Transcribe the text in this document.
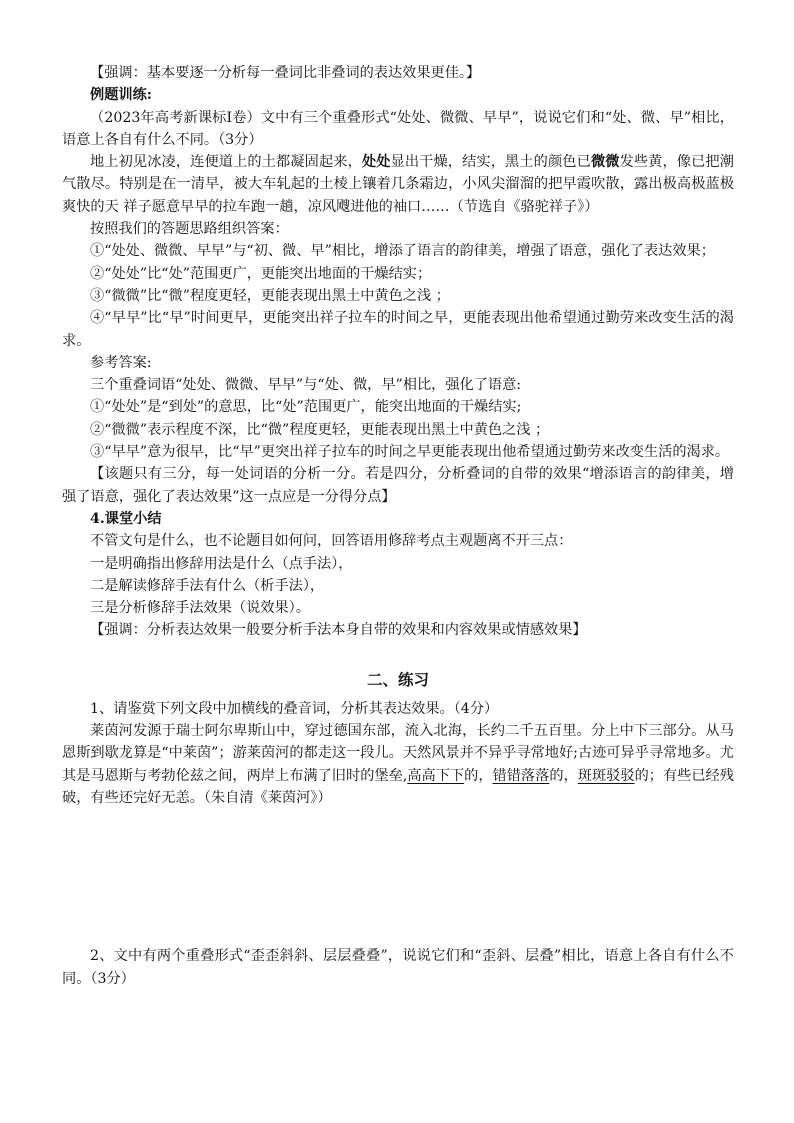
【强调：基本要逐一分析每一叠词比非叠词的表达效果更佳。】

例题训练:

（2023年高考新课标Ⅰ卷）文中有三个重叠形式“处处、微微、早早”，说说它们和“处、微、早”相比，语意上各自有什么不同。（3分）

地上初见冰凌，连便道上的土都凝固起来，处处显出干燥，结实，黑土的颜色已微微发些黄，像已把潮气散尽。特别是在一清早，被大车轧起的土棱上镶着几条霜边，小风尖溜溜的把早霞吹散，露出极高极蓝极爽快的天 祥子愿意早早的拉车跑一趟，凉风飕进他的袖口……（节选自《骆驼祥子》）

按照我们的答题思路组织答案：

①“处处、微微、早早”与“初、微、早”相比，增添了语言的韵律美，增强了语意，强化了表达效果；

②“处处”比“处”范围更广，更能突出地面的干燥结实；

③“微微”比“微”程度更轻，更能表现出黑土中黄色之浅 ；

④“早早”比“早”时间更早，更能突出祥子拉车的时间之早，更能表现出他希望通过勤劳来改变生活的渴求。

参考答案:

三个重叠词语“处处、微微、早早”与“处、微，早”相比，强化了语意:

①“处处”是“到处”的意思，比“处”范围更广，能突出地面的干燥结实;

②“微微”表示程度不深，比“微”程度更轻，更能表现出黑土中黄色之浅 ；

③“早早”意为很早，比“早”更突出祥子拉车的时间之早更能表现出他希望通过勤劳来改变生活的渴求。

【该题只有三分，每一处词语的分析一分。若是四分，分析叠词的自带的效果“增添语言的韵律美，增强了语意，强化了表达效果”这一点应是一分得分点】

4.课堂小结

不管文句是什么，也不论题目如何问，回答语用修辞考点主观题离不开三点：

一是明确指出修辞用法是什么（点手法），

二是解读修辞手法有什么（析手法），

三是分析修辞手法效果（说效果）。

【强调：分析表达效果一般要分析手法本身自带的效果和内容效果或情感效果】

二、练习

1、请鉴赏下列文段中加横线的叠音词，分析其表达效果。（4分）

莱茵河发源于瑞士阿尔卑斯山中，穿过德国东部，流入北海，长约二千五百里。分上中下三部分。从马恩斯到歇龙算是“中莱茵”；游莱茵河的都走这一段儿。天然风景并不异乎寻常地好;古迹可异乎寻常地多。尤其是马恩斯与考勃伦兹之间，两岸上布满了旧时的堡垒,高高下下的，错错落落的，斑斑驳驳的；有些已经残破，有些还完好无恙。（朱自清《莱茵河》）

2、文中有两个重叠形式“歪歪斜斜、层层叠叠”，说说它们和“歪斜、层叠”相比，语意上各自有什么不同。（3分）
